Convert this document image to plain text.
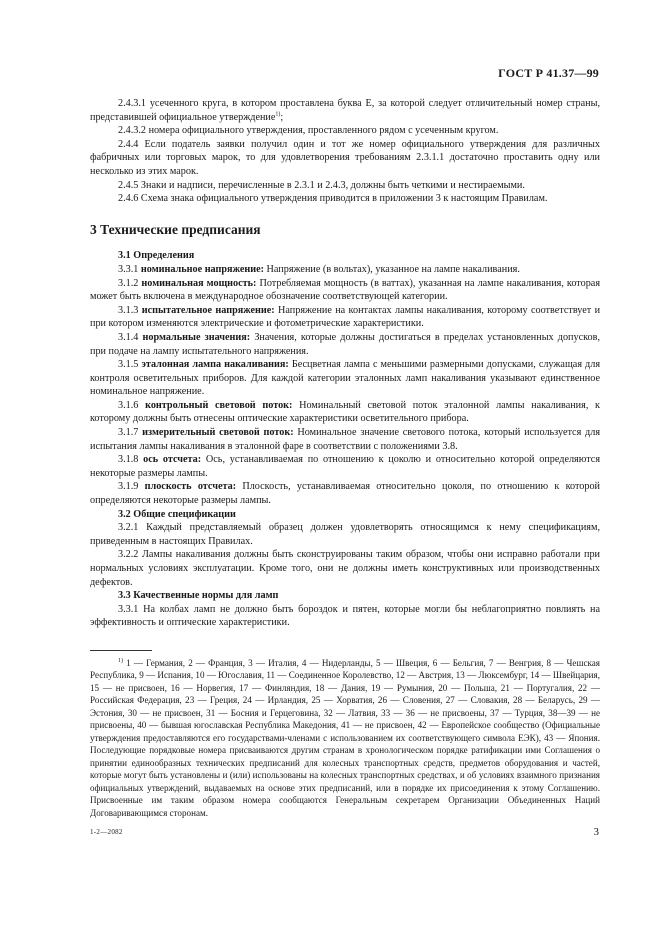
ГОСТ Р 41.37—99

2.4.3.1 усеченного круга, в котором проставлена буква Е, за которой следует отличительный номер страны, представившей официальное утверждение$^{1)}$;

2.4.3.2 номера официального утверждения, проставленного рядом с усеченным кругом.

2.4.4 Если податель заявки получил один и тот же номер официального утверждения для различных фабричных или торговых марок, то для удовлетворения требованиям 2.3.1.1 достаточно проставить одну или несколько из этих марок.

2.4.5 Знаки и надписи, перечисленные в 2.3.1 и 2.4.3, должны быть четкими и нестираемыми.

2.4.6 Схема знака официального утверждения приводится в приложении 3 к настоящим Правилам.

3 Технические предписания

3.1 Определения

3.3.1 номинальное напряжение: Напряжение (в вольтах), указанное на лампе накаливания.

3.1.2 номинальная мощность: Потребляемая мощность (в ваттах), указанная на лампе накаливания, которая может быть включена в международное обозначение соответствующей категории.

3.1.3 испытательное напряжение: Напряжение на контактах лампы накаливания, которому соответствует и при котором изменяются электрические и фотометрические характеристики.

3.1.4 нормальные значения: Значения, которые должны достигаться в пределах установленных допусков, при подаче на лампу испытательного напряжения.

3.1.5 эталонная лампа накаливания: Бесцветная лампа с меньшими размерными допусками, служащая для контроля осветительных приборов. Для каждой категории эталонных ламп накаливания указывают единственное номинальное напряжение.

3.1.6 контрольный световой поток: Номинальный световой поток эталонной лампы накаливания, к которому должны быть отнесены оптические характеристики осветительного прибора.

3.1.7 измерительный световой поток: Номинальное значение светового потока, который используется для испытания лампы накаливания в эталонной фаре в соответствии с положениями 3.8.

3.1.8 ось отсчета: Ось, устанавливаемая по отношению к цоколю и относительно которой определяются некоторые размеры лампы.

3.1.9 плоскость отсчета: Плоскость, устанавливаемая относительно цоколя, по отношению к которой определяются некоторые размеры лампы.

3.2 Общие спецификации

3.2.1 Каждый представляемый образец должен удовлетворять относящимся к нему спецификациям, приведенным в настоящих Правилах.

3.2.2 Лампы накаливания должны быть сконструированы таким образом, чтобы они исправно работали при нормальных условиях эксплуатации. Кроме того, они не должны иметь конструктивных или производственных дефектов.

3.3 Качественные нормы для ламп

3.3.1 На колбах ламп не должно быть бороздок и пятен, которые могли бы неблагоприятно повлиять на эффективность и оптические характеристики.

$^{1)}$ 1 — Германия, 2 — Франция, 3 — Италия, 4 — Нидерланды, 5 — Швеция, 6 — Бельгия, 7 — Венгрия, 8 — Чешская Республика, 9 — Испания, 10 — Югославия, 11 — Соединенное Королевство, 12 — Австрия, 13 — Люксембург, 14 — Швейцария, 15 — не присвоен, 16 — Норвегия, 17 — Финляндия, 18 — Дания, 19 — Румыния, 20 — Польша, 21 — Португалия, 22 — Российская Федерация, 23 — Греция, 24 — Ирландия, 25 — Хорватия, 26 — Словения, 27 — Словакия, 28 — Беларусь, 29 — Эстония, 30 — не присвоен, 31 — Босния и Герцеговина, 32 — Латвия, 33 — 36 — не присвоены, 37 — Турция, 38—39 — не присвоены, 40 — бывшая югославская Республика Македония, 41 — не присвоен, 42 — Европейское сообщество (Официальные утверждения предоставляются его государствами-членами с использованием их соответствующего символа ЕЭК), 43 — Япония. Последующие порядковые номера присваиваются другим странам в хронологическом порядке ратификации ими Соглашения о принятии единообразных технических предписаний для колесных транспортных средств, предметов оборудования и частей, которые могут быть установлены и (или) использованы на колесных транспортных средствах, и об условиях взаимного признания официальных утверждений, выдаваемых на основе этих предписаний, или в порядке их присоединения к этому Соглашению. Присвоенные им таким образом номера сообщаются Генеральным секретарем Организации Объединенных Наций Договаривающимся сторонам.

1-2—2082	3
